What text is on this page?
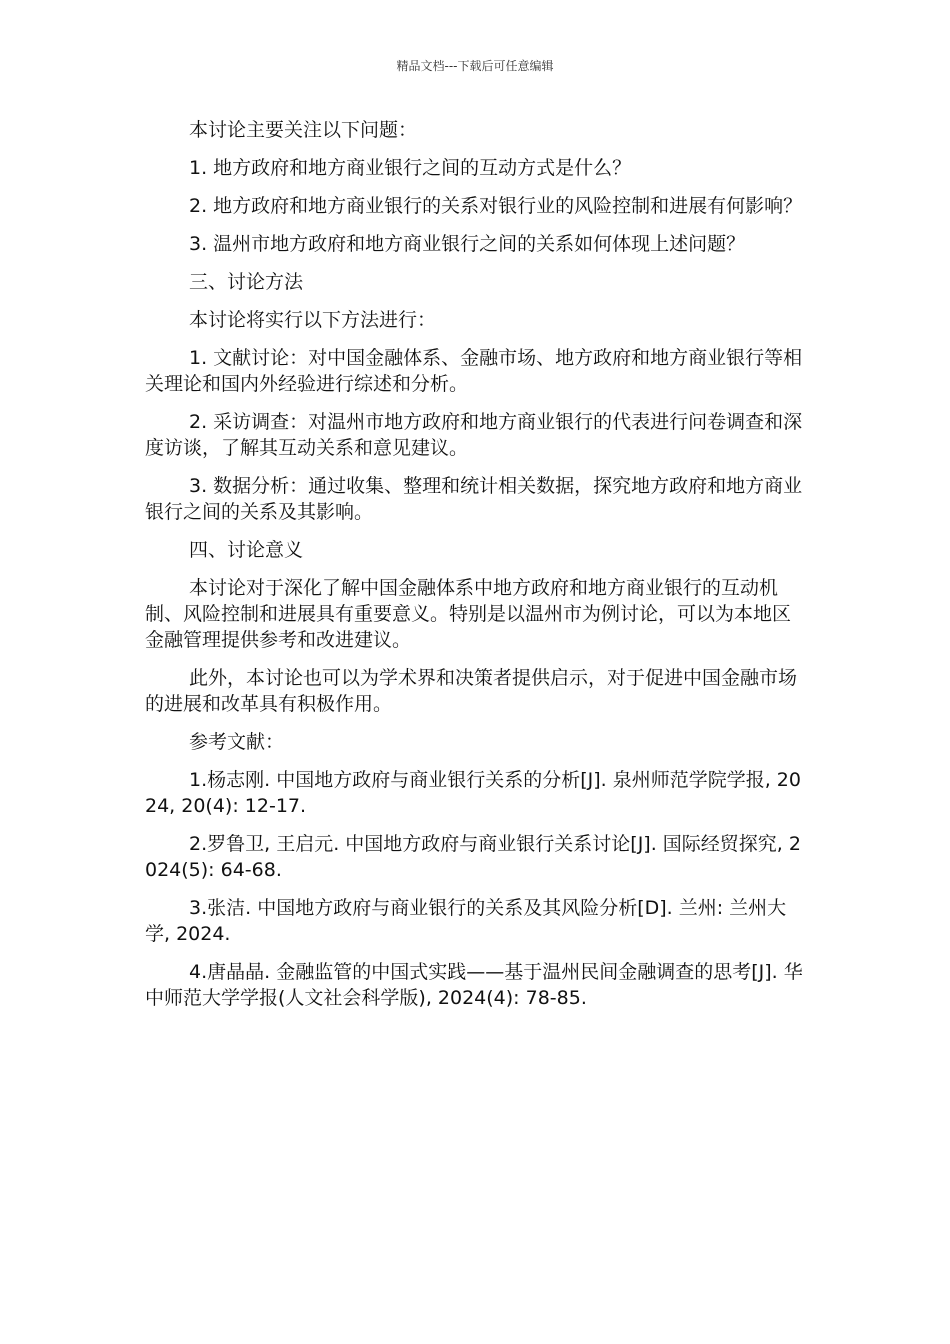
精品文档---下载后可任意编辑

本讨论主要关注以下问题：

1. 地方政府和地方商业银行之间的互动方式是什么？

2. 地方政府和地方商业银行的关系对银行业的风险控制和进展有何影响？

3. 温州市地方政府和地方商业银行之间的关系如何体现上述问题？

三、讨论方法

本讨论将实行以下方法进行：

1. 文献讨论：对中国金融体系、金融市场、地方政府和地方商业银行等相关理论和国内外经验进行综述和分析。

2. 采访调查：对温州市地方政府和地方商业银行的代表进行问卷调查和深度访谈，了解其互动关系和意见建议。

3. 数据分析：通过收集、整理和统计相关数据，探究地方政府和地方商业银行之间的关系及其影响。

四、讨论意义

本讨论对于深化了解中国金融体系中地方政府和地方商业银行的互动机制、风险控制和进展具有重要意义。特别是以温州市为例讨论，可以为本地区金融管理提供参考和改进建议。

此外，本讨论也可以为学术界和决策者提供启示，对于促进中国金融市场的进展和改革具有积极作用。

参考文献：

1.杨志刚. 中国地方政府与商业银行关系的分析[J]. 泉州师范学院学报, 2024, 20(4): 12-17.

2.罗鲁卫, 王启元. 中国地方政府与商业银行关系讨论[J]. 国际经贸探究, 2024(5): 64-68.

3.张洁. 中国地方政府与商业银行的关系及其风险分析[D]. 兰州: 兰州大学, 2024.

4.唐晶晶. 金融监管的中国式实践——基于温州民间金融调查的思考[J]. 华中师范大学学报(人文社会科学版), 2024(4): 78-85.
